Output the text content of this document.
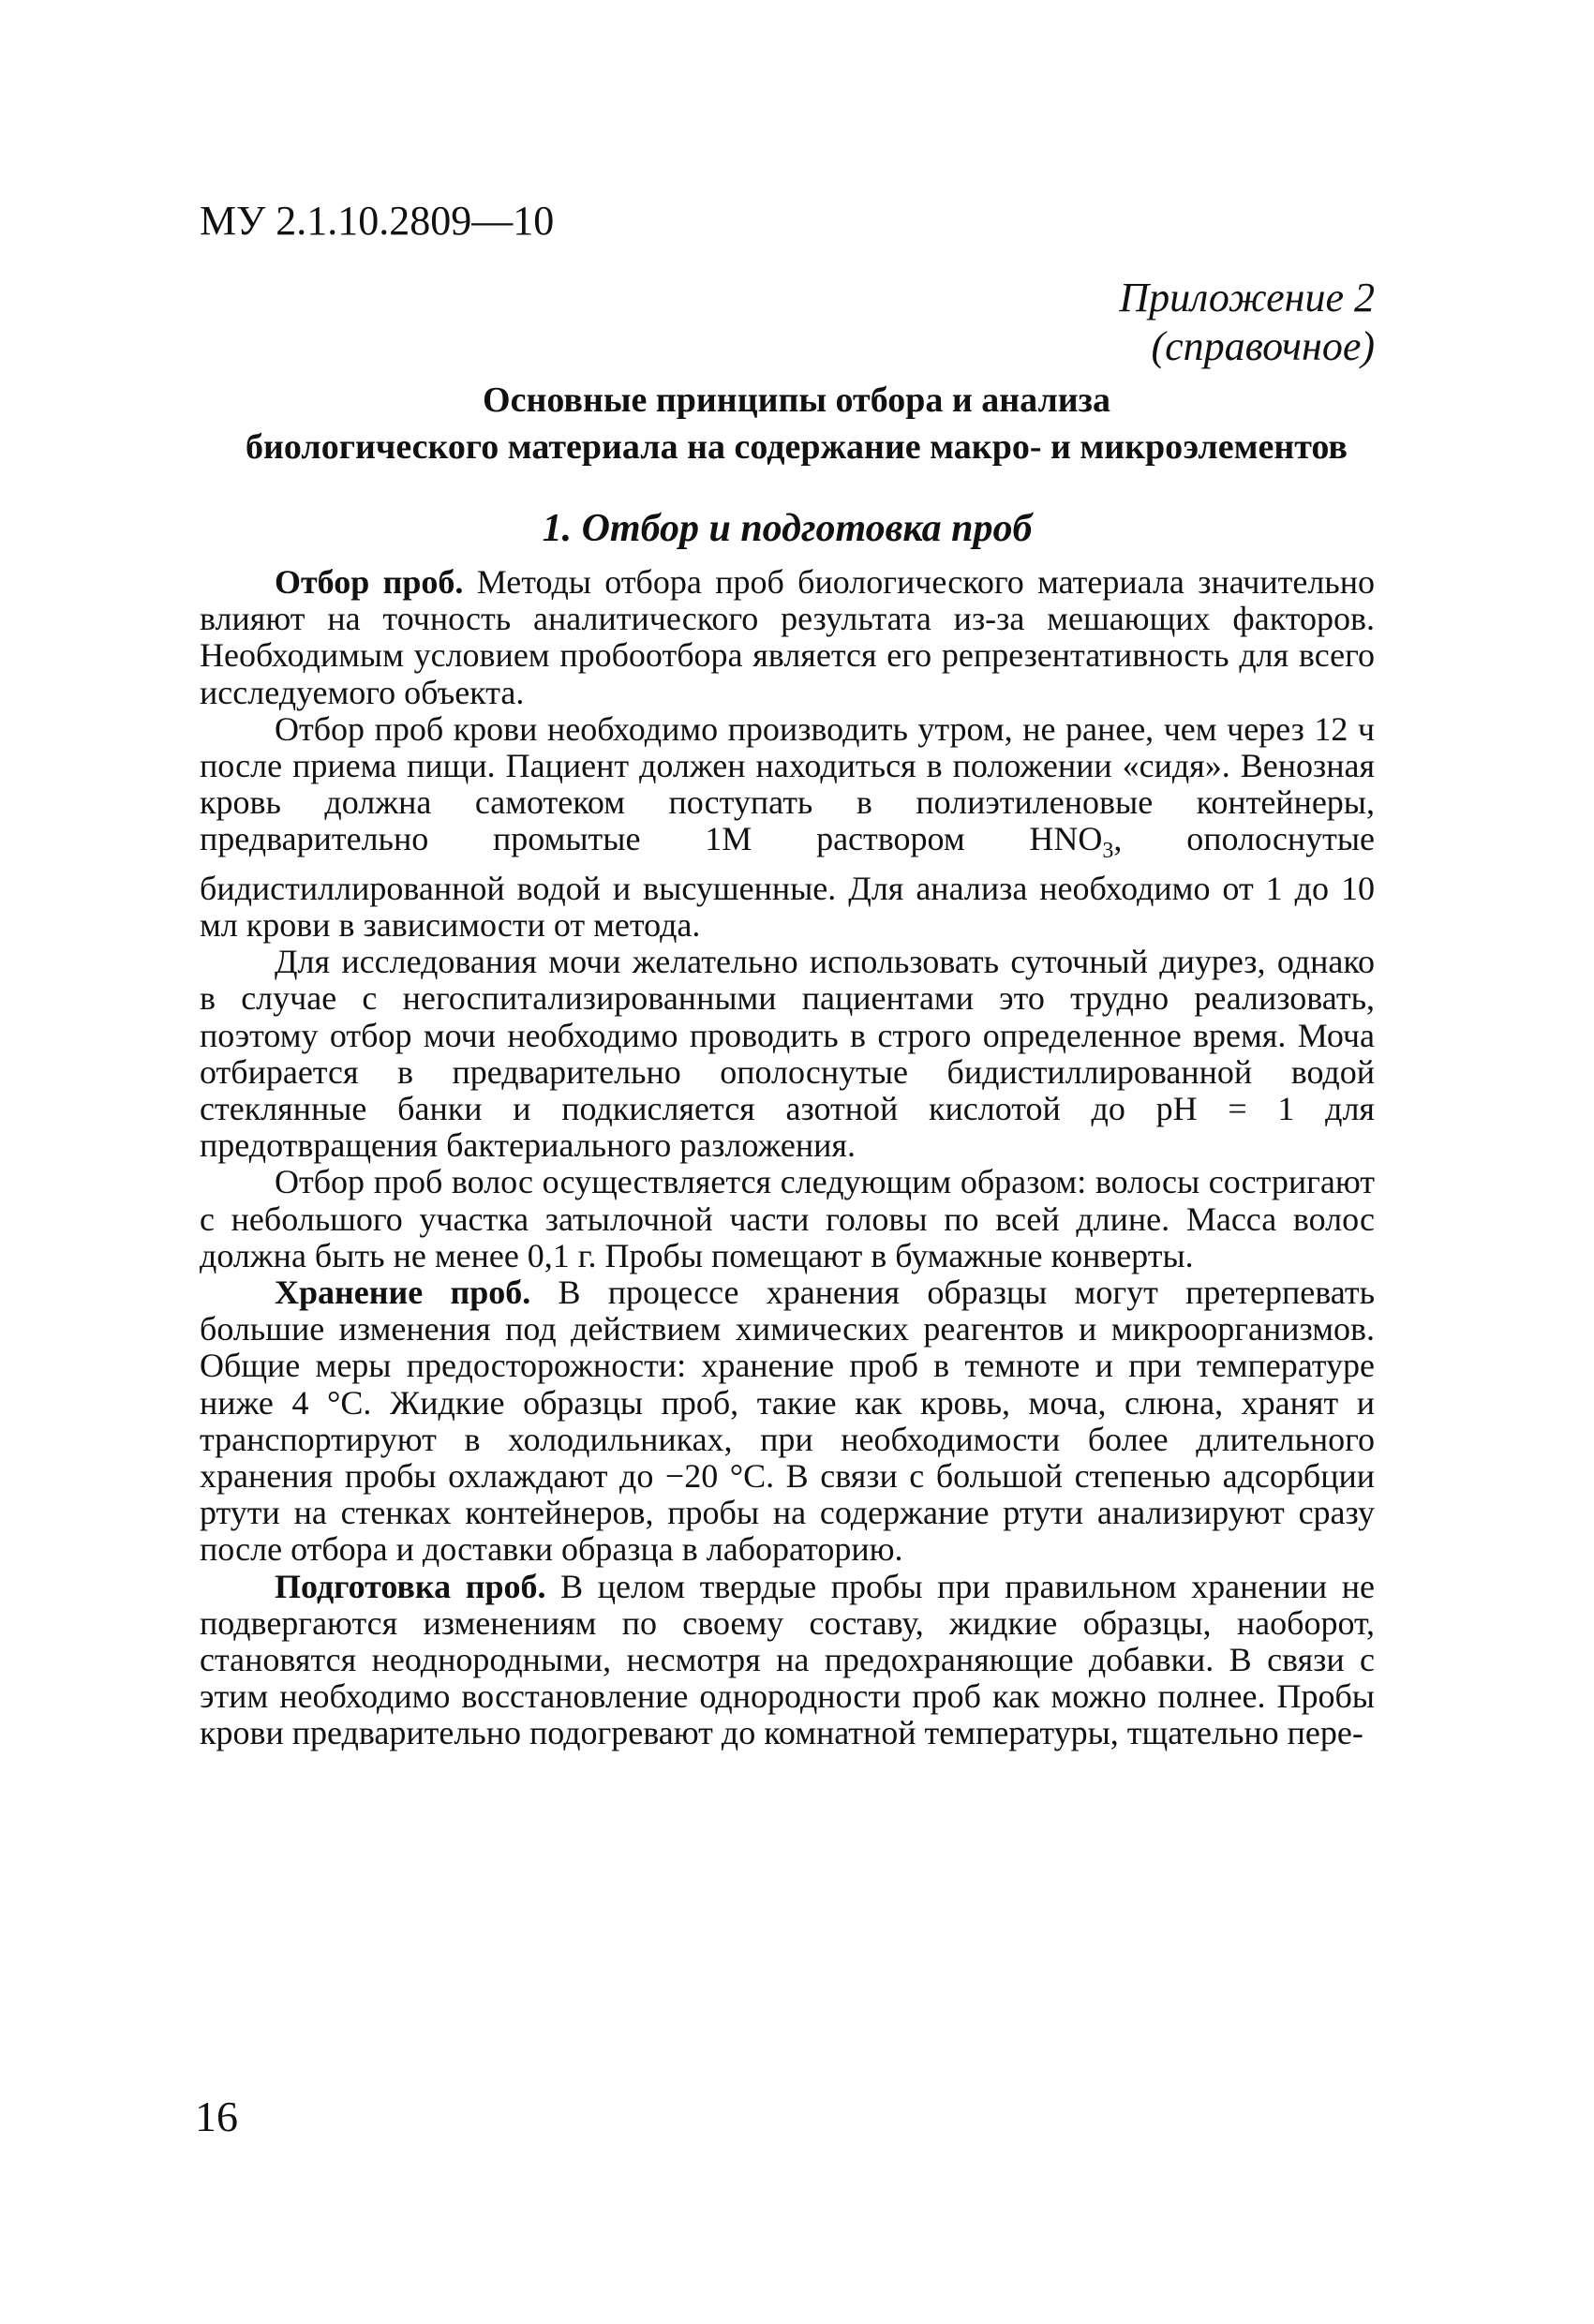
МУ 2.1.10.2809—10
Приложение 2
(справочное)
Основные принципы отбора и анализа
биологического материала на содержание макро- и микроэлементов
1. Отбор и подготовка проб

Отбор проб. Методы отбора проб биологического материала значительно влияют на точность аналитического результата из-за мешающих факторов. Необходимым условием пробоотбора является его репрезентативность для всего исследуемого объекта.

Отбор проб крови необходимо производить утром, не ранее, чем через 12 ч после приема пищи. Пациент должен находиться в положении «сидя». Венозная кровь должна самотеком поступать в полиэтиленовые контейнеры, предварительно промытые 1М раствором $HNO_3$, ополоснутые бидистиллированной водой и высушенные. Для анализа необходимо от 1 до 10 мл крови в зависимости от метода.

Для исследования мочи желательно использовать суточный диурез, однако в случае с негоспитализированными пациентами это трудно реализовать, поэтому отбор мочи необходимо проводить в строго определенное время. Моча отбирается в предварительно ополоснутые бидистиллированной водой стеклянные банки и подкисляется азотной кислотой до рН = 1 для предотвращения бактериального разложения.

Отбор проб волос осуществляется следующим образом: волосы состригают с небольшого участка затылочной части головы по всей длине. Масса волос должна быть не менее 0,1 г. Пробы помещают в бумажные конверты.

Хранение проб. В процессе хранения образцы могут претерпевать большие изменения под действием химических реагентов и микроорганизмов. Общие меры предосторожности: хранение проб в темноте и при температуре ниже 4 °С. Жидкие образцы проб, такие как кровь, моча, слюна, хранят и транспортируют в холодильниках, при необходимости более длительного хранения пробы охлаждают до −20 °С. В связи с большой степенью адсорбции ртути на стенках контейнеров, пробы на содержание ртути анализируют сразу после отбора и доставки образца в лабораторию.

Подготовка проб. В целом твердые пробы при правильном хранении не подвергаются изменениям по своему составу, жидкие образцы, наоборот, становятся неоднородными, несмотря на предохраняющие добавки. В связи с этим необходимо восстановление однородности проб как можно полнее. Пробы крови предварительно подогревают до комнатной температуры, тщательно пере-

16
